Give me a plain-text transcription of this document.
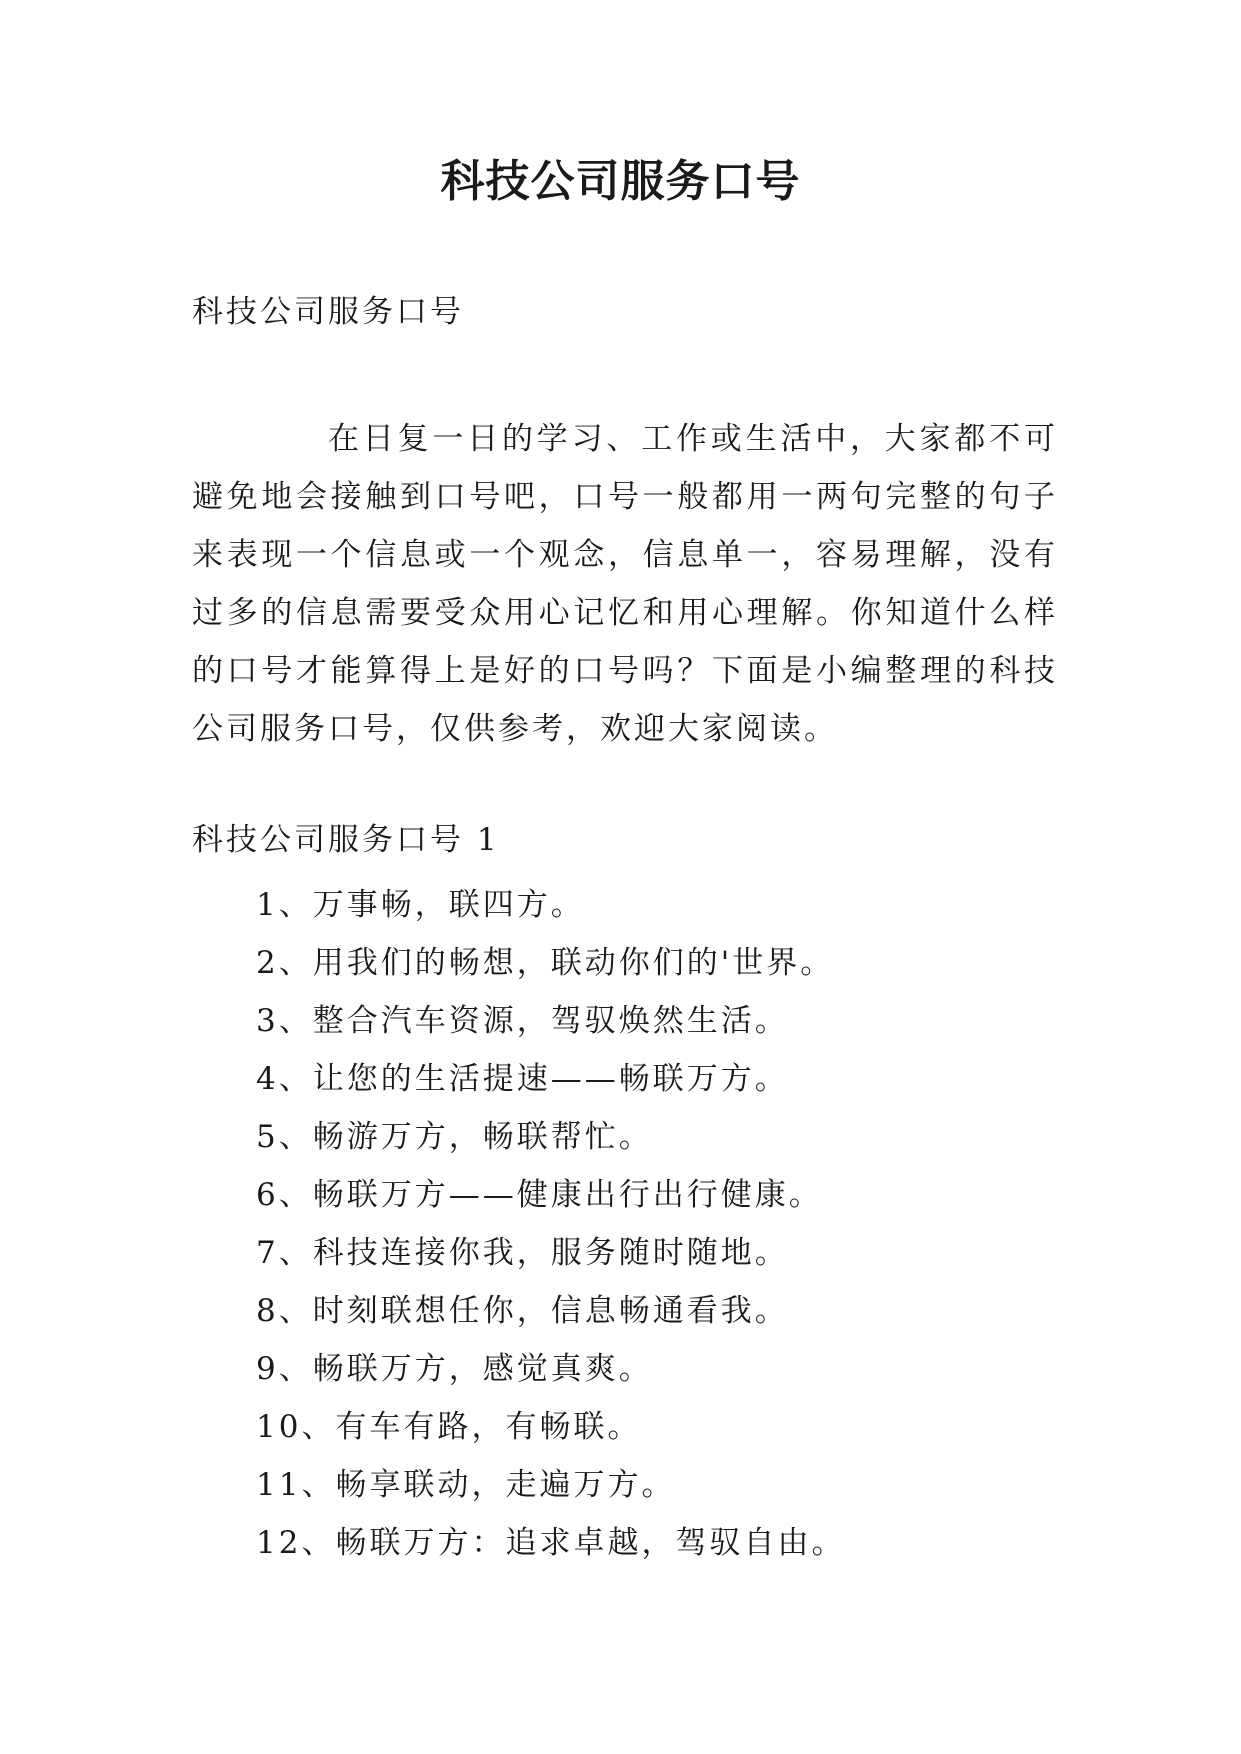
科技公司服务口号
科技公司服务口号

在日复一日的学习、工作或生活中，大家都不可避免地会接触到口号吧，口号一般都用一两句完整的句子来表现一个信息或一个观念，信息单一，容易理解，没有过多的信息需要受众用心记忆和用心理解。你知道什么样的口号才能算得上是好的口号吗？下面是小编整理的科技公司服务口号，仅供参考，欢迎大家阅读。

科技公司服务口号 1
1、万事畅，联四方。
2、用我们的畅想，联动你们的'世界。
3、整合汽车资源，驾驭焕然生活。
4、让您的生活提速——畅联万方。
5、畅游万方，畅联帮忙。
6、畅联万方——健康出行出行健康。
7、科技连接你我，服务随时随地。
8、时刻联想任你，信息畅通看我。
9、畅联万方，感觉真爽。
10、有车有路，有畅联。
11、畅享联动，走遍万方。
12、畅联万方：追求卓越，驾驭自由。
